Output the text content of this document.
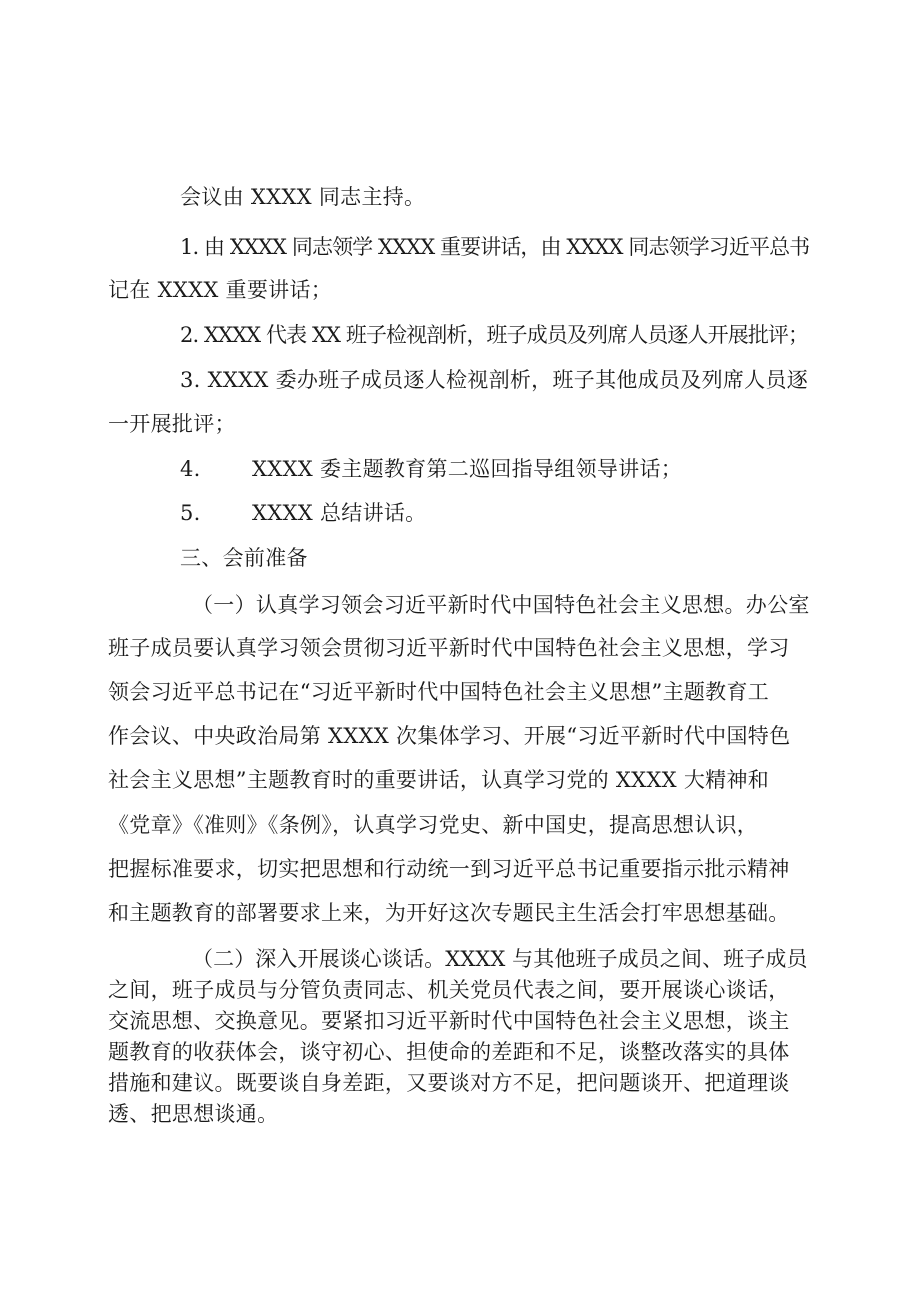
会议由 XXXX 同志主持。
1. 由 XXXX 同志领学 XXXX 重要讲话，由 XXXX 同志领学习近平总书
记在 XXXX 重要讲话；
2. XXXX 代表 XX 班子检视剖析，班子成员及列席人员逐人开展批评；
3. XXXX 委办班子成员逐人检视剖析，班子其他成员及列席人员逐
一开展批评；
4. XXXX 委主题教育第二巡回指导组领导讲话；
5. XXXX 总结讲话。
三、会前准备
（一）认真学习领会习近平新时代中国特色社会主义思想。办公室
班子成员要认真学习领会贯彻习近平新时代中国特色社会主义思想，学习
领会习近平总书记在“习近平新时代中国特色社会主义思想”主题教育工
作会议、中央政治局第 XXXX 次集体学习、开展“习近平新时代中国特色
社会主义思想”主题教育时的重要讲话，认真学习党的 XXXX 大精神和
《党章》《准则》《条例》，认真学习党史、新中国史，提高思想认识，
把握标准要求，切实把思想和行动统一到习近平总书记重要指示批示精神
和主题教育的部署要求上来，为开好这次专题民主生活会打牢思想基础。
（二）深入开展谈心谈话。XXXX 与其他班子成员之间、班子成员
之间，班子成员与分管负责同志、机关党员代表之间，要开展谈心谈话，
交流思想、交换意见。要紧扣习近平新时代中国特色社会主义思想，谈主
题教育的收获体会，谈守初心、担使命的差距和不足，谈整改落实的具体
措施和建议。既要谈自身差距，又要谈对方不足，把问题谈开、把道理谈
透、把思想谈通。
